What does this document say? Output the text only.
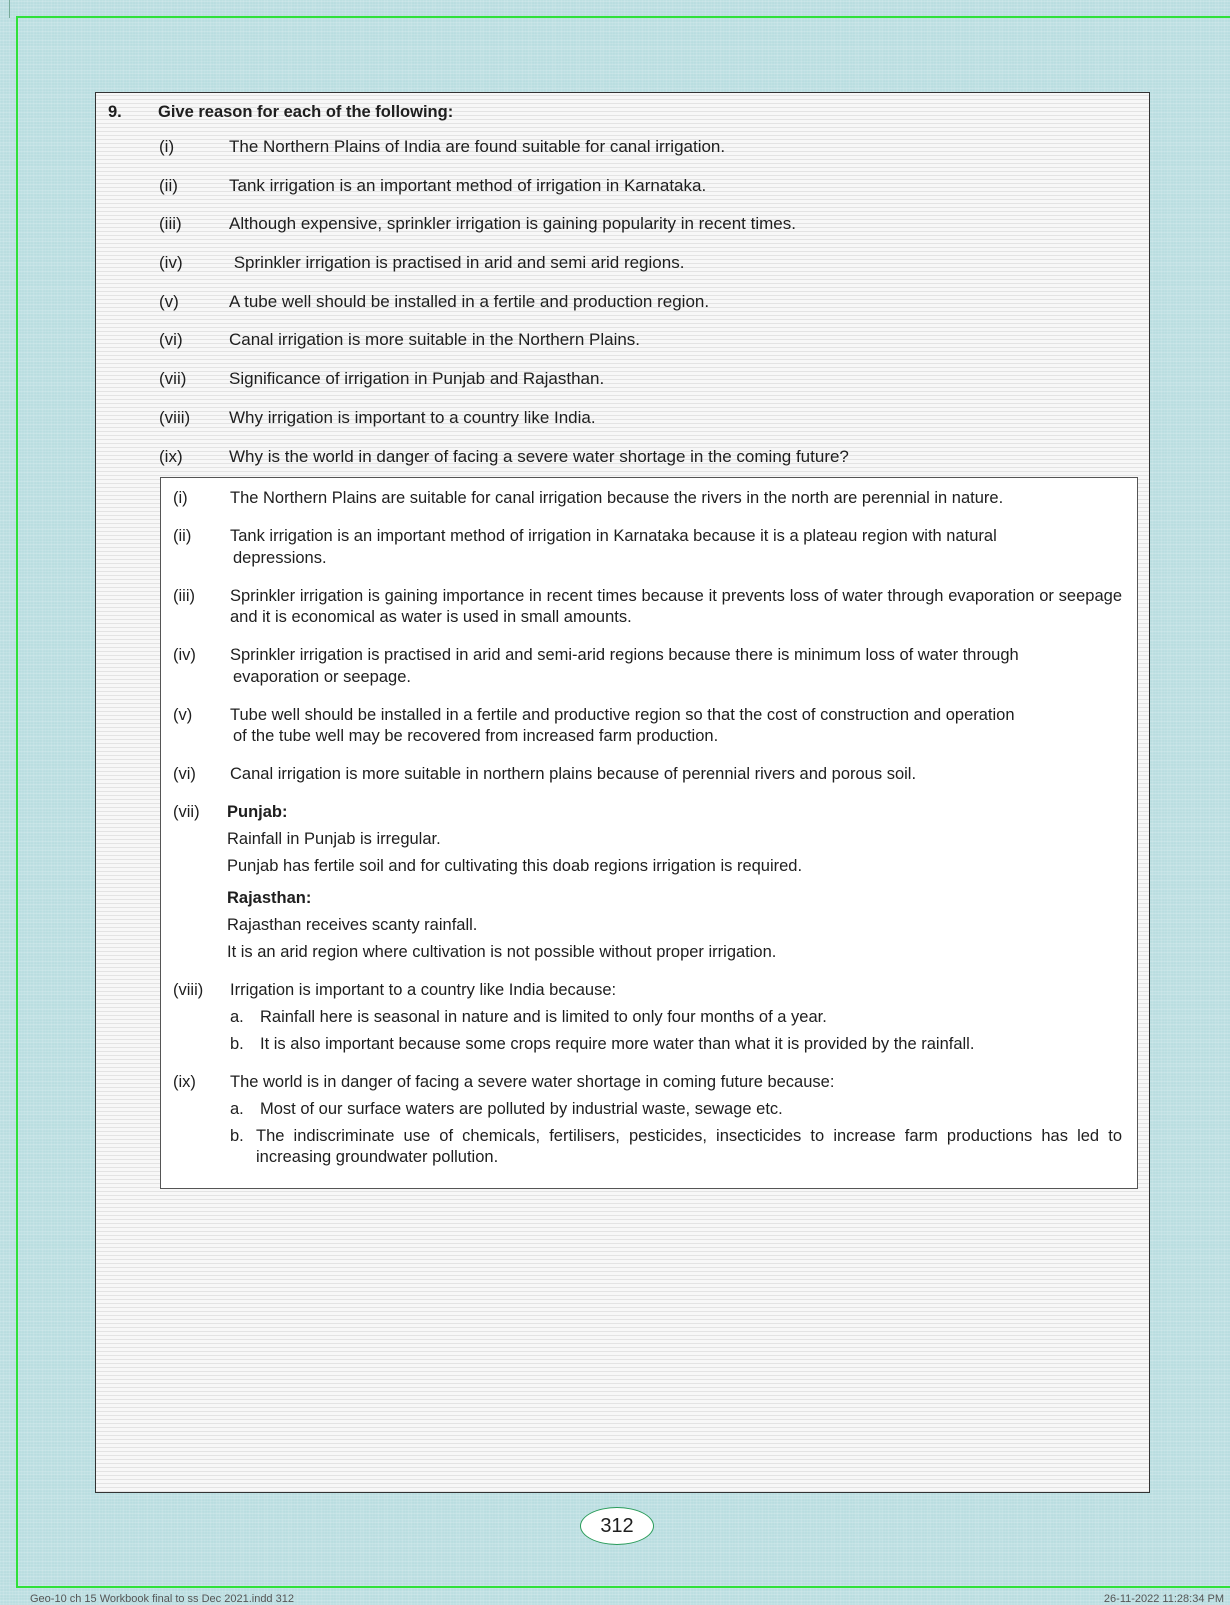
9. Give reason for each of the following:
(i)	The Northern Plains of India are found suitable for canal irrigation.
(ii)	Tank irrigation is an important method of irrigation in Karnataka.
(iii)	Although expensive, sprinkler irrigation is gaining popularity in recent times.
(iv)	Sprinkler irrigation is practised in arid and semi arid regions.
(v)	A tube well should be installed in a fertile and production region.
(vi)	Canal irrigation is more suitable in the Northern Plains.
(vii)	Significance of irrigation in Punjab and Rajasthan.
(viii) Why irrigation is important to a country like India.
(ix)	Why is the world in danger of facing a severe water shortage in the coming future?
(i)	The Northern Plains are suitable for canal irrigation because the rivers in the north are perennial in nature.
(ii)	Tank irrigation is an important method of irrigation in Karnataka because it is a plateau region with natural
depressions.
(iii)	Sprinkler irrigation is gaining importance in recent times because it prevents loss of water through evaporation or seepage and it is economical as water is used in small amounts.
(iv)	Sprinkler irrigation is practised in arid and semi-arid regions because there is minimum loss of water through
evaporation or seepage.
(v)	Tube well should be installed in a fertile and productive region so that the cost of construction and operation
of the tube well may be recovered from increased farm production.
(vi)	Canal irrigation is more suitable in northern plains because of perennial rivers and porous soil.
(vii)	Punjab:
Rainfall in Punjab is irregular.
Punjab has fertile soil and for cultivating this doab regions irrigation is required.
Rajasthan:
Rajasthan receives scanty rainfall.
It is an arid region where cultivation is not possible without proper irrigation.
(viii)	Irrigation is important to a country like India because:
a. Rainfall here is seasonal in nature and is limited to only four months of a year.
b. It is also important because some crops require more water than what it is provided by the rainfall.
(ix)	The world is in danger of facing a severe water shortage in coming future because:
a. Most of our surface waters are polluted by industrial waste, sewage etc.
b. The indiscriminate use of chemicals, fertilisers, pesticides, insecticides to increase farm productions has led to increasing groundwater pollution.
312
Geo-10 ch 15 Workbook final to ss Dec 2021.indd 312	26-11-2022 11:28:34 PM
